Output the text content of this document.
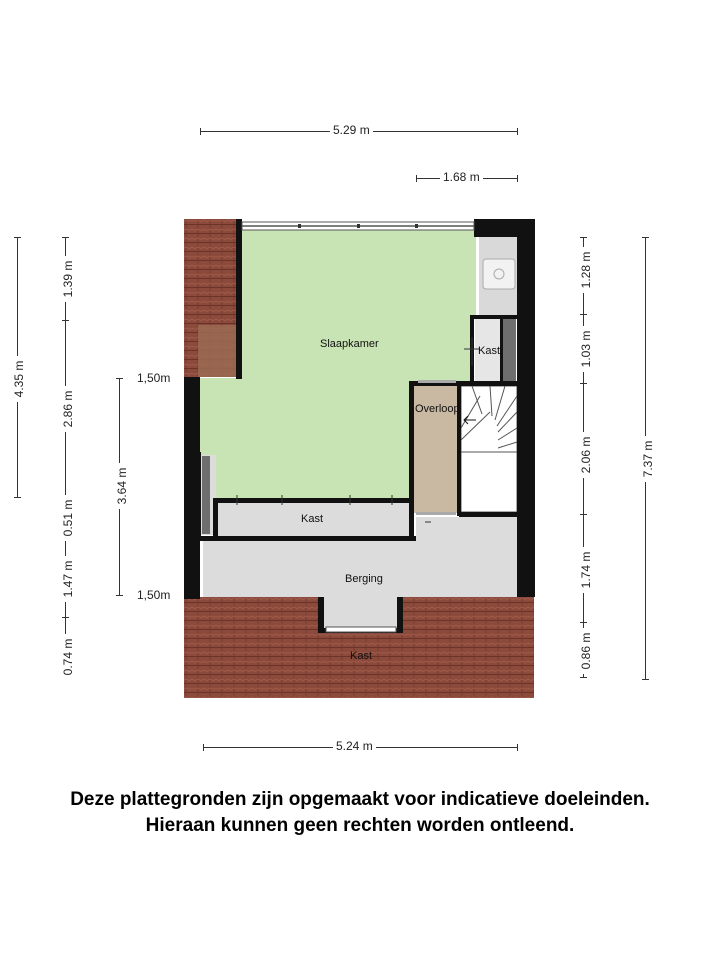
5.29 m
1.68 m
5.24 m
4.35 m
1.39 m
2.86 m
0.51 m
1.47 m
0.74 m
3.64 m
1,50m
1,50m
1.28 m
1.03 m
2.06 m
1.74 m
0.86 m
7.37 m
Slaapkamer
Kast
Overloop
Kast
Berging
Kast
Deze plattegronden zijn opgemaakt voor indicatieve doeleinden.
Hieraan kunnen geen rechten worden ontleend.
